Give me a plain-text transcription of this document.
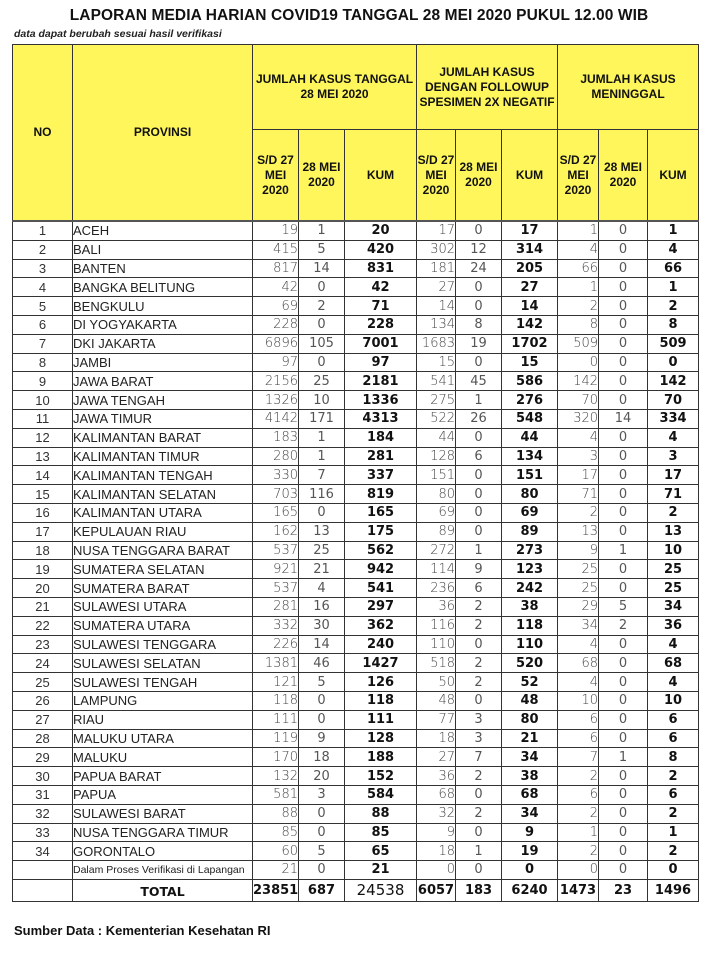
LAPORAN MEDIA HARIAN COVID19 TANGGAL 28 MEI 2020 PUKUL 12.00 WIB
data dapat berubah sesuai hasil verifikasi
NO	PROVINSI	JUMLAH KASUS TANGGAL 28 MEI 2020			JUMLAH KASUS DENGAN FOLLOWUP SPESIMEN 2X NEGATIF			JUMLAH KASUS MENINGGAL		
		S/D 27 MEI 2020	28 MEI 2020	KUM	S/D 27 MEI 2020	28 MEI 2020	KUM	S/D 27 MEI 2020	28 MEI 2020	KUM
1	ACEH	19	1	20	17	0	17	1	0	1
2	BALI	415	5	420	302	12	314	4	0	4
3	BANTEN	817	14	831	181	24	205	66	0	66
4	BANGKA BELITUNG	42	0	42	27	0	27	1	0	1
5	BENGKULU	69	2	71	14	0	14	2	0	2
6	DI YOGYAKARTA	228	0	228	134	8	142	8	0	8
7	DKI JAKARTA	6896	105	7001	1683	19	1702	509	0	509
8	JAMBI	97	0	97	15	0	15	0	0	0
9	JAWA BARAT	2156	25	2181	541	45	586	142	0	142
10	JAWA TENGAH	1326	10	1336	275	1	276	70	0	70
11	JAWA TIMUR	4142	171	4313	522	26	548	320	14	334
12	KALIMANTAN BARAT	183	1	184	44	0	44	4	0	4
13	KALIMANTAN TIMUR	280	1	281	128	6	134	3	0	3
14	KALIMANTAN TENGAH	330	7	337	151	0	151	17	0	17
15	KALIMANTAN SELATAN	703	116	819	80	0	80	71	0	71
16	KALIMANTAN UTARA	165	0	165	69	0	69	2	0	2
17	KEPULAUAN RIAU	162	13	175	89	0	89	13	0	13
18	NUSA TENGGARA BARAT	537	25	562	272	1	273	9	1	10
19	SUMATERA SELATAN	921	21	942	114	9	123	25	0	25
20	SUMATERA BARAT	537	4	541	236	6	242	25	0	25
21	SULAWESI UTARA	281	16	297	36	2	38	29	5	34
22	SUMATERA UTARA	332	30	362	116	2	118	34	2	36
23	SULAWESI TENGGARA	226	14	240	110	0	110	4	0	4
24	SULAWESI SELATAN	1381	46	1427	518	2	520	68	0	68
25	SULAWESI TENGAH	121	5	126	50	2	52	4	0	4
26	LAMPUNG	118	0	118	48	0	48	10	0	10
27	RIAU	111	0	111	77	3	80	6	0	6
28	MALUKU UTARA	119	9	128	18	3	21	6	0	6
29	MALUKU	170	18	188	27	7	34	7	1	8
30	PAPUA BARAT	132	20	152	36	2	38	2	0	2
31	PAPUA	581	3	584	68	0	68	6	0	6
32	SULAWESI BARAT	88	0	88	32	2	34	2	0	2
33	NUSA TENGGARA TIMUR	85	0	85	9	0	9	1	0	1
34	GORONTALO	60	5	65	18	1	19	2	0	2
	Dalam Proses Verifikasi di Lapangan	21	0	21	0	0	0	0	0	0
	TOTAL	23851	687	24538	6057	183	6240	1473	23	1496
Sumber Data : Kementerian Kesehatan RI
